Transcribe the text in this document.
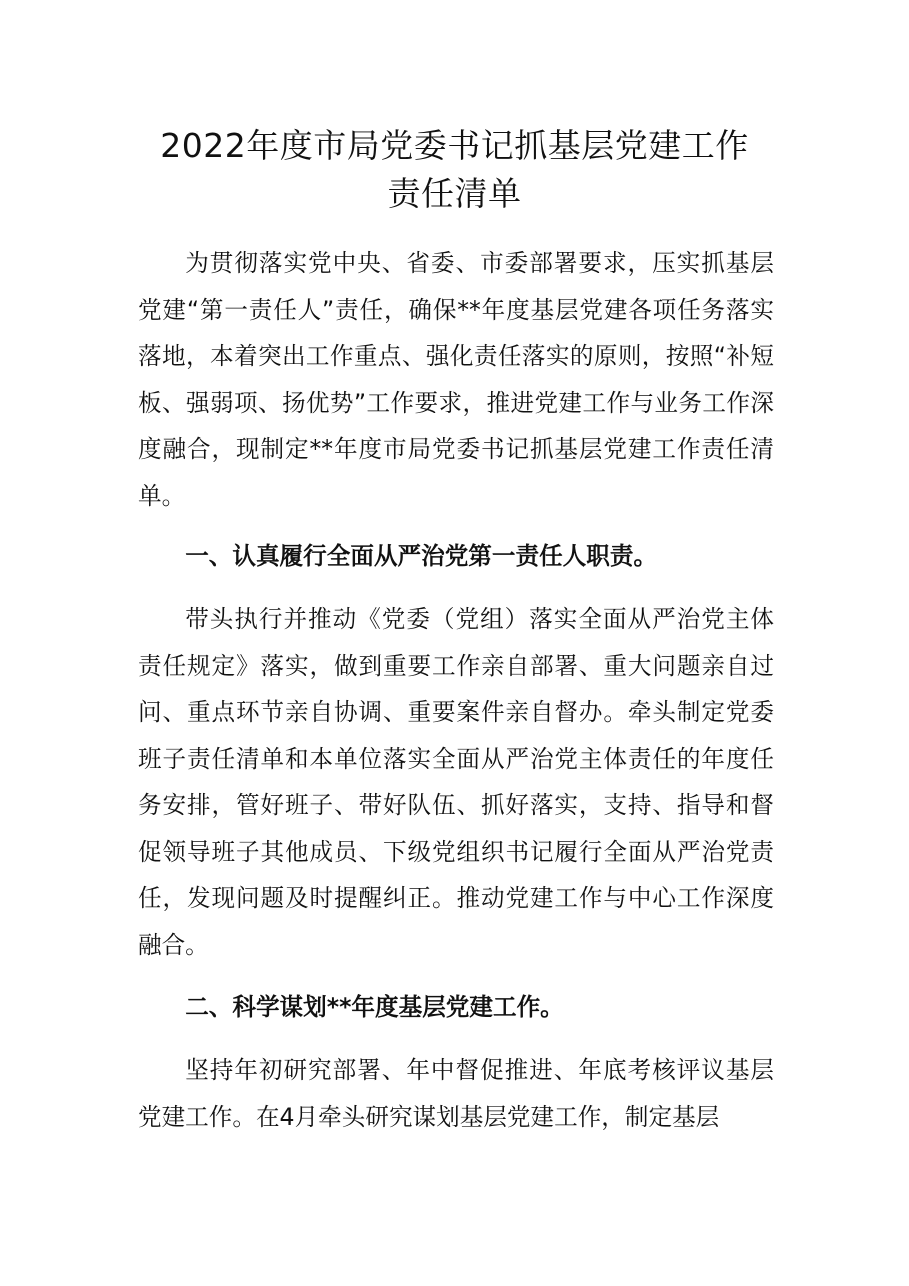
2022年度市局党委书记抓基层党建工作
责任清单

为贯彻落实党中央、省委、市委部署要求，压实抓基层党建“第一责任人”责任，确保**年度基层党建各项任务落实落地，本着突出工作重点、强化责任落实的原则，按照“补短板、强弱项、扬优势”工作要求，推进党建工作与业务工作深度融合，现制定**年度市局党委书记抓基层党建工作责任清单。

一、认真履行全面从严治党第一责任人职责。

带头执行并推动《党委（党组）落实全面从严治党主体责任规定》落实，做到重要工作亲自部署、重大问题亲自过问、重点环节亲自协调、重要案件亲自督办。牵头制定党委班子责任清单和本单位落实全面从严治党主体责任的年度任务安排，管好班子、带好队伍、抓好落实，支持、指导和督促领导班子其他成员、下级党组织书记履行全面从严治党责任，发现问题及时提醒纠正。推动党建工作与中心工作深度融合。

二、科学谋划**年度基层党建工作。

坚持年初研究部署、年中督促推进、年底考核评议基层党建工作。在4月牵头研究谋划基层党建工作，制定基层
